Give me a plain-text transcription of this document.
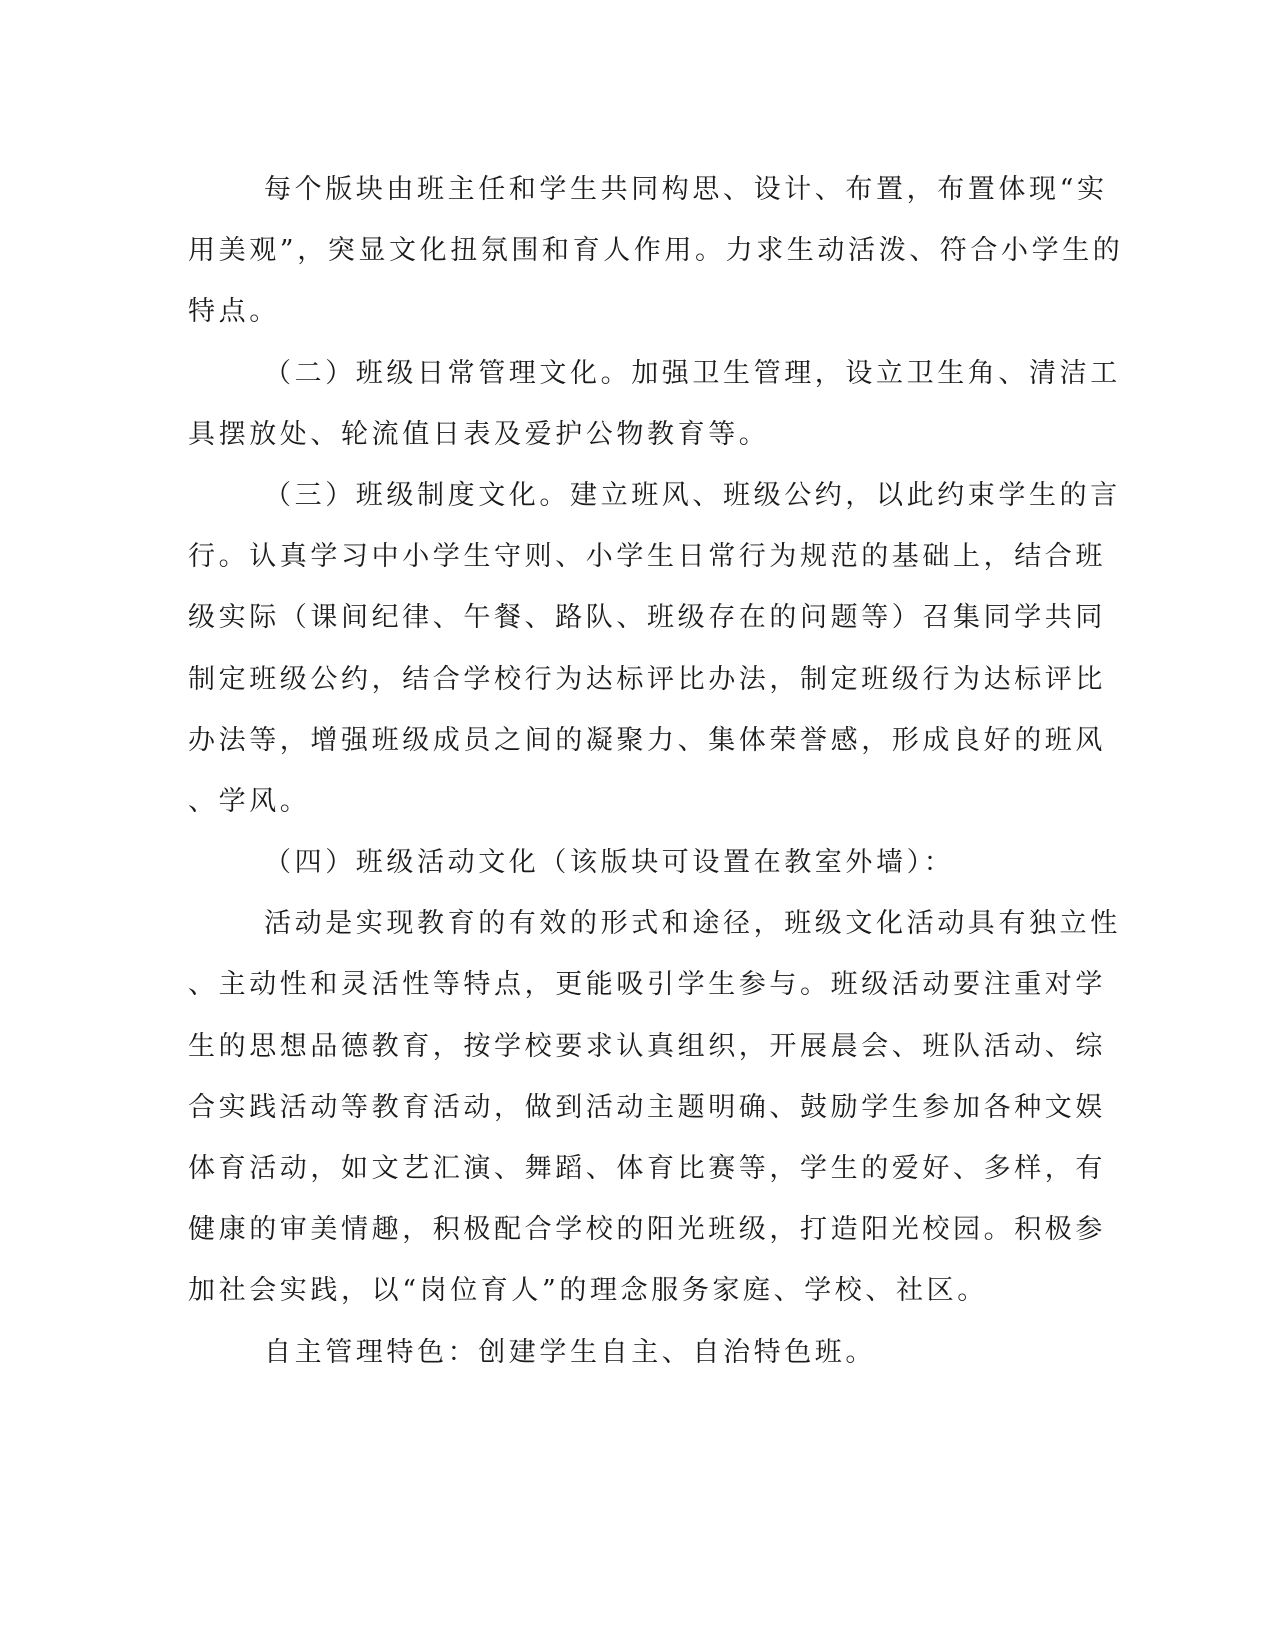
每个版块由班主任和学生共同构思、设计、布置，布置体现“实
用美观”，突显文化扭氛围和育人作用。力求生动活泼、符合小学生的
特点。
（二）班级日常管理文化。加强卫生管理，设立卫生角、清洁工
具摆放处、轮流值日表及爱护公物教育等。
（三）班级制度文化。建立班风、班级公约，以此约束学生的言
行。认真学习中小学生守则、小学生日常行为规范的基础上，结合班
级实际（课间纪律、午餐、路队、班级存在的问题等）召集同学共同
制定班级公约，结合学校行为达标评比办法，制定班级行为达标评比
办法等，增强班级成员之间的凝聚力、集体荣誉感，形成良好的班风
、学风。
（四）班级活动文化（该版块可设置在教室外墙）：
活动是实现教育的有效的形式和途径，班级文化活动具有独立性
、主动性和灵活性等特点，更能吸引学生参与。班级活动要注重对学
生的思想品德教育，按学校要求认真组织，开展晨会、班队活动、综
合实践活动等教育活动，做到活动主题明确、鼓励学生参加各种文娱
体育活动，如文艺汇演、舞蹈、体育比赛等，学生的爱好、多样，有
健康的审美情趣，积极配合学校的阳光班级，打造阳光校园。积极参
加社会实践，以“岗位育人”的理念服务家庭、学校、社区。
自主管理特色：创建学生自主、自治特色班。
